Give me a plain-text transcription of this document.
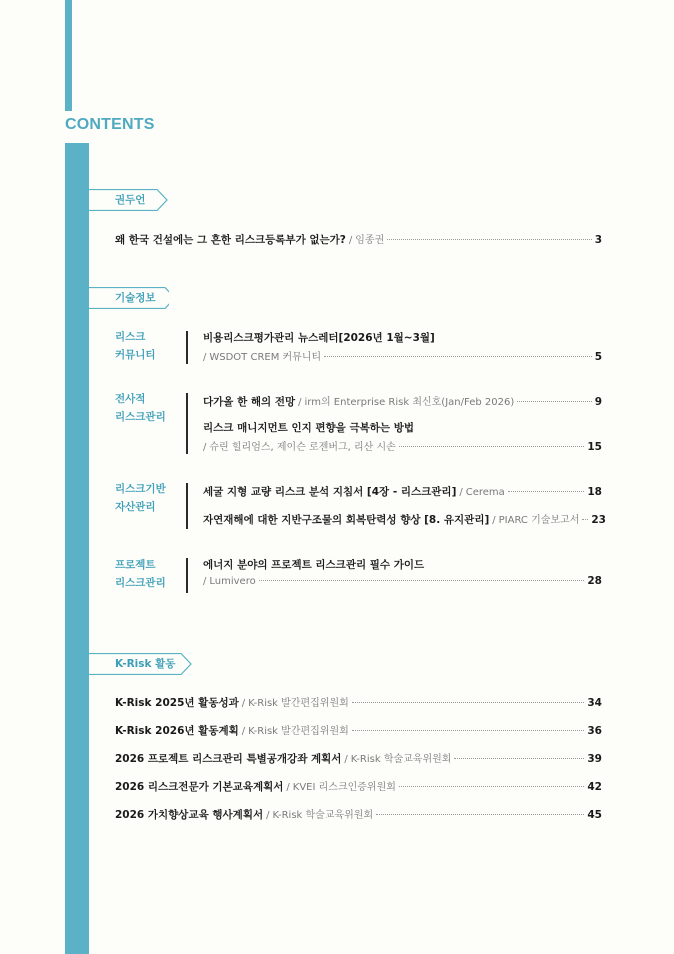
CONTENTS
권두언
왜 한국 건설에는 그 흔한 리스크등록부가 없는가? / 임종권	3
기술정보
리스크
커뮤니티
비용리스크평가관리 뉴스레터[2026년 1월~3월]
/ WSDOT CREM 커뮤니티	5
전사적
리스크관리
다가올 한 해의 전망 / irm의 Enterprise Risk 최신호(Jan/Feb 2026)	9
리스크 매니지먼트 인지 편향을 극복하는 방법
/ 슈린 힐리엄스, 제이슨 로젠버그, 리산 시손	15
리스크기반
자산관리
세굴 지형 교량 리스크 분석 지침서 [4장 - 리스크관리] / Cerema	18
자연재해에 대한 지반구조물의 회복탄력성 향상 [8. 유지관리] / PIARC 기술보고서 23
프로젝트
리스크관리
에너지 분야의 프로젝트 리스크관리 필수 가이드
/ Lumivero	28
K-Risk 활동
K-Risk 2025년 활동성과 / K-Risk 발간편집위원회	34
K-Risk 2026년 활동계획 / K-Risk 발간편집위원회	36
2026 프로젝트 리스크관리 특별공개강좌 계획서 / K-Risk 학술교육위원회	39
2026 리스크전문가 기본교육계획서 / KVEI 리스크인증위원회	42
2026 가치향상교육 행사계획서 / K-Risk 학술교육위원회	45
